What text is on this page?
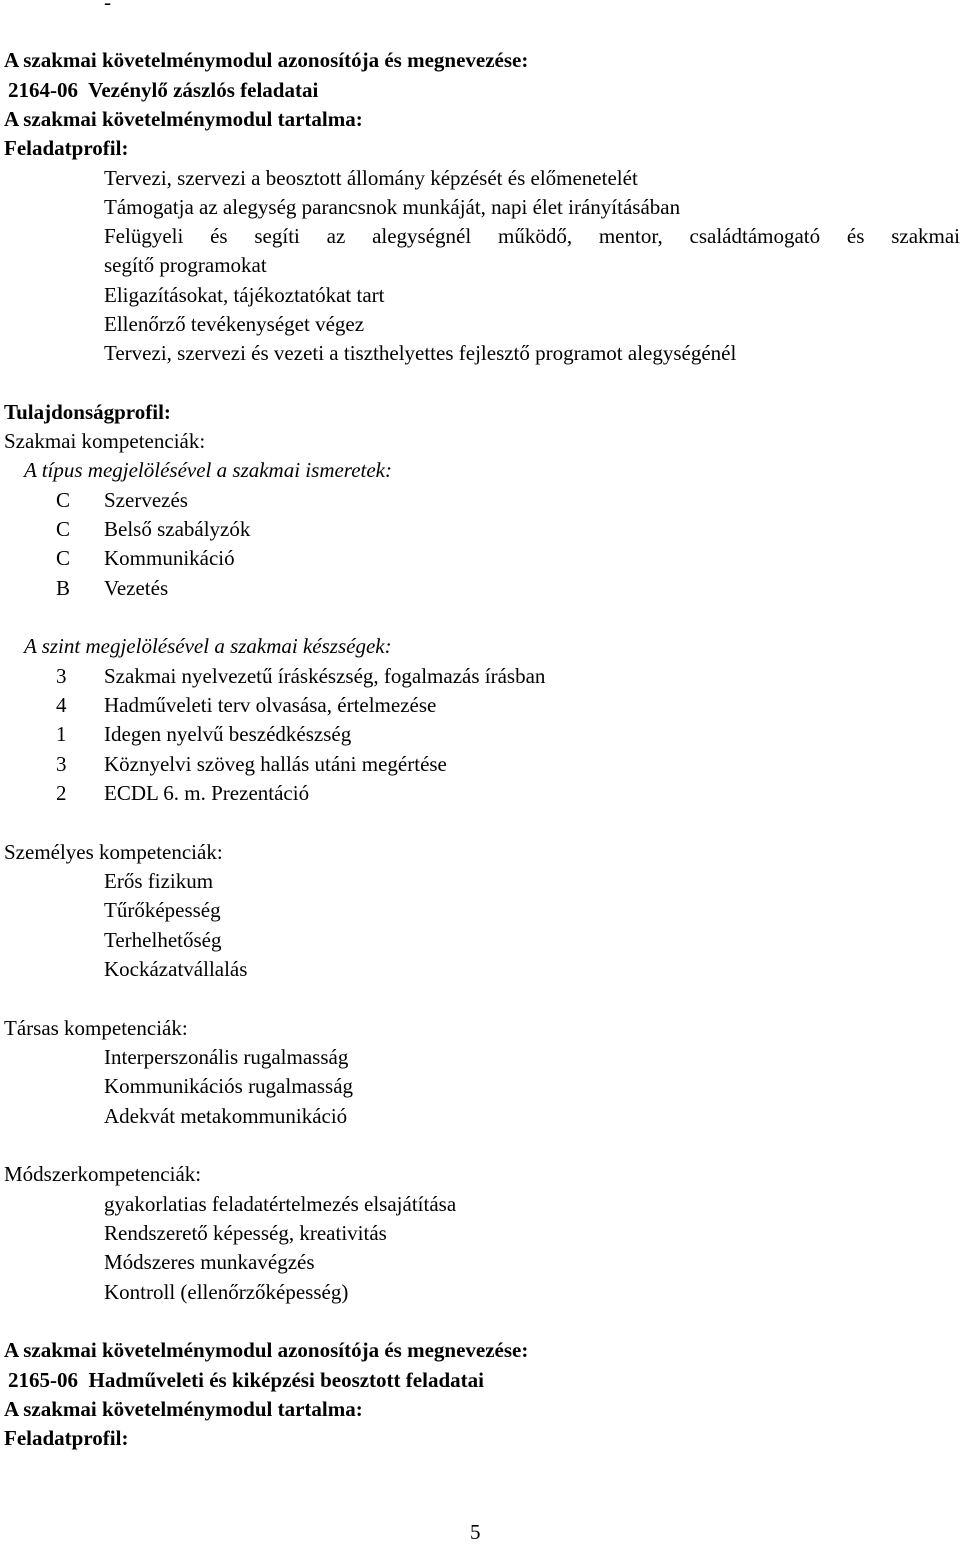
-
A szakmai követelménymodul azonosítója és megnevezése:
2164-06  Vezénylő zászlós feladatai
A szakmai követelménymodul tartalma:
Feladatprofil:
Tervezi, szervezi a beosztott állomány képzését és előmenetelét
Támogatja az alegység parancsnok munkáját, napi élet irányításában
Felügyeli és segíti az alegységnél működő, mentor, családtámogató és szakmai
segítő programokat
Eligazításokat, tájékoztatókat tart
Ellenőrző tevékenységet végez
Tervezi, szervezi és vezeti a tiszthelyettes fejlesztő programot alegységénél
Tulajdonságprofil:
Szakmai kompetenciák:
A típus megjelölésével a szakmai ismeretek:
C Szervezés
C Belső szabályzók
C Kommunikáció
B Vezetés
A szint megjelölésével a szakmai készségek:
3 Szakmai nyelvezetű íráskészség, fogalmazás írásban
4 Hadműveleti terv olvasása, értelmezése
1 Idegen nyelvű beszédkészség
3 Köznyelvi szöveg hallás utáni megértése
2 ECDL 6. m. Prezentáció
Személyes kompetenciák:
Erős fizikum
Tűrőképesség
Terhelhetőség
Kockázatvállalás
Társas kompetenciák:
Interperszonális rugalmasság
Kommunikációs rugalmasság
Adekvát metakommunikáció
Módszerkompetenciák:
gyakorlatias feladatértelmezés elsajátítása
Rendszerető képesség, kreativitás
Módszeres munkavégzés
Kontroll (ellenőrzőképesség)
A szakmai követelménymodul azonosítója és megnevezése:
2165-06  Hadműveleti és kiképzési beosztott feladatai
A szakmai követelménymodul tartalma:
Feladatprofil:
5
